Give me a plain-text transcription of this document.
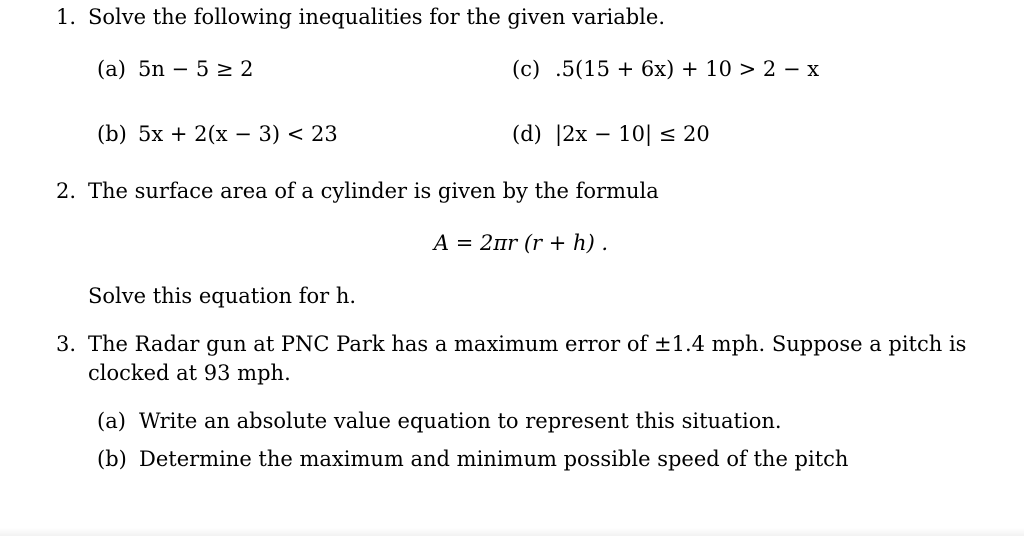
1. Solve the following inequalities for the given variable.
(a) 5n − 5 ≥ 2
(b) 5x + 2(x − 3) < 23
(c) .5(15 + 6x) + 10 > 2 − x
(d) |2x − 10| ≤ 20
2. The surface area of a cylinder is given by the formula
A = 2πr (r + h) .
Solve this equation for h.
3. The Radar gun at PNC Park has a maximum error of ±1.4 mph. Suppose a pitch is
clocked at 93 mph.
(a) Write an absolute value equation to represent this situation.
(b) Determine the maximum and minimum possible speed of the pitch
